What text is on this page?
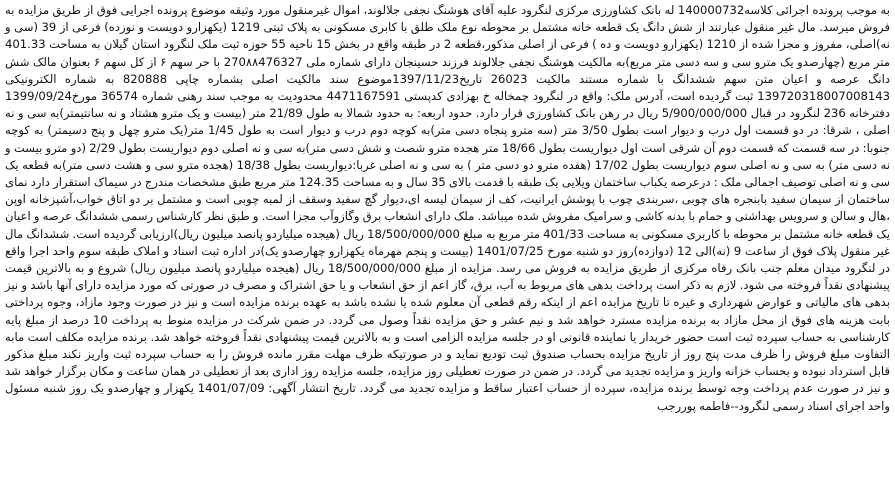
به موجب پرونده اجرائی کلاسه140000732 له بانک کشاورزی مرکزی لنگرود علیه آقای هوشنگ نجفی جلالوند، اموال غیرمنقول مورد وثیقه موضوع پرونده اجرایی فوق از طریق مزایده به فروش میرسد. مال غیر منقول عبارتند از شش دانگ یک قطعه خانه مشتمل بر محوطه نوع ملک طلق با کابری مسکونی به پلاک ثبتی 1219 (یکهزارو دویست و نوزده) فرعی از 39 (سی و نه)اصلی، مفروز و مجزا شده از 1210 (یکهزارو دویست و ده ) فرعی از اصلی مذکور،قطعه 2 در طبقه واقع در بخش 15 ناحیه 55 حوزه ثبت ملک لنگرود استان گیلان به مساحت 401.33 متر مربع (چهارصدو یک مترو سی و سه دسی متر مربع)به مالکیت هوشنگ نجفی جلالوند فرزند حسینجان دارای شماره ملی 270۸۸476327 با حر سهم ۶ از کل سهم ۶ بعنوان مالک شش دانگ عرصه و اعیان متن سهم ششدانگ با شماره مستند مالکیت 26023 تاریخ1397/11/23موضوع سند مالکیت اصلی بشماره چاپی 820888 به شماره الکترونیکی 139720318007008143 ثبت گردیده است، آدرس ملک: واقع در لنگرود چمخاله خ بهزادی کدپستی 4471167591 محدودیت به موجب سند رهنی شماره 36574 مورخ1399/09/24 دفترخانه 236 لنگرود در قبال 5/900/000/000 ریال در رهن بانک کشاورزی قرار دارد. حدود اربعه: به حدود شمالا به طول 21/89 متر (بیست و یک مترو هشتاد و نه سانتیمتر)به سی و نه اصلی ، شرقا: در دو قسمت اول درب و دیوار است بطول 3/50 متر (سه مترو پنجاه دسی متر)به کوچه دوم درب و دیوار است به طول 1/45 متر(یک مترو چهل و پنج دسیمتر) به کوچه جنوبا: در سه قسمت که قسمت دوم آن شرقی است اول دیواریست بطول 18/66 متر هجده مترو شصت و شش دسی متر)به سی و نه اصلی دوم دیواریست بطول 2/29 (دو مترو بیست و نه دسی متر) به سی و نه اصلی سوم دیواریست بطول 17/02 (هفده مترو دو دسی متر ) به سی و نه اصلی غربا:دیواریست بطول 18/38 (هجده مترو سی و هشت دسی متر)به قطعه یک سی و نه اصلی توصیف اجمالی ملک : درعرصه یکباب ساختمان ویلایی یک طبقه با قدمت بالای 35 سال و به مساحت 124.35 متر مربع طبق مشخصات مندرج در سیماک استقرار دارد نمای ساختمان از سیمان سفید بابنجره های چوبی ،سربندی چوب با پوشش ایرانیت، کف از سیمان لیسه ای،دیوار گچ سفید وسقف از لمبه چوبی است و مشتمل بر دو اتاق خواب،آشپزخانه اوپن ،هال و سالن و سرویس بهداشتی و حمام با بدنه کاشی و سرامیک مفروش شده میباشد. ملک دارای انشعاب برق وگازوآب مجزا است. و طبق نظر کارشناس رسمی ششدانگ عرصه و اعیان یک قطعه خانه مشتمل بر محوطه با کاربری مسکونی به مساحت 401/33 متر مربع به مبلغ 18/500/000/000 ریال (هیجده میلیاردو پانصد میلیون ریال)ارزیابی گردیده است. ششدانگ مال غیر منقول پلاک فوق از ساعت 9 (نه)الی 12 (دوازده)روز دو شنبه مورخ 1401/07/25 (بیست و پنجم مهرماه یکهزارو چهارصدو یک)در اداره ثبت اسناد و املاک طبقه سوم واحد اجرا واقع در لنگرود میدان معلم جنب بانک رفاه مرکزی از طریق مزایده به فروش می رسد. مزایده از مبلغ 18/500/000/000 ریال (هیجده میلیاردو پانصد میلیون ریال) شروع و به بالاترین قیمت پیشنهادی نقداً فروخته می شود. لازم به ذکر است پرداخت بدهی های مربوط به آب، برق، گاز اعم از حق انشعاب و یا حق اشتراک و مصرف در صورتی که مورد مزایده دارای آنها باشد و نیز بدهی های مالیاتی و عوارض شهرداری و غیره تا تاریخ مزایده اعم از اینکه رقم قطعی آن معلوم شده یا نشده باشد به عهده برنده مزایده است و نیز در صورت وجود مازاد، وجوه پرداختی بابت هزینه های فوق از محل مازاد به برنده مزایده مسترد خواهد شد و نیم عشر و حق مزایده نقداً وصول می گردد. در ضمن شرکت در مزایده منوط به پرداخت 10 درصد از مبلغ پایه کارشناسی به حساب سپرده ثبت است حضور خریدار یا نماینده قانونی او در جلسه مزایده الزامی است و به بالاترین قیمت پیشنهادی نقداً فروخته خواهد شد. برنده مزایده مکلف است مابه التفاوت مبلغ فروش را ظرف مدت پنج روز از تاریخ مزایده بحساب صندوق ثبت تودیع نماید و در صورتیکه ظرف مهلت مقرر مانده فروش را به حساب سپرده ثبت واریز نکند مبلغ مذکور قابل استرداد نبوده و بحساب خزانه واریز و مزایده تجدید می گردد. در ضمن در صورت تعطیلی روز مزایده، جلسه مزایده روز اداری بعد از تعطیلی در همان ساعت و مکان برگزار خواهد شد و نیز در صورت عدم پرداخت وجه توسط برنده مزایده، سپرده از حساب اعتبار ساقط و مزایده تجدید می گردد. تاریخ انتشار آگهی: 1401/07/09 یکهزار و چهارصدو یک روز شنبه مسئول واحد اجرای اسناد رسمی لنگرود--فاطمه پوررجب
